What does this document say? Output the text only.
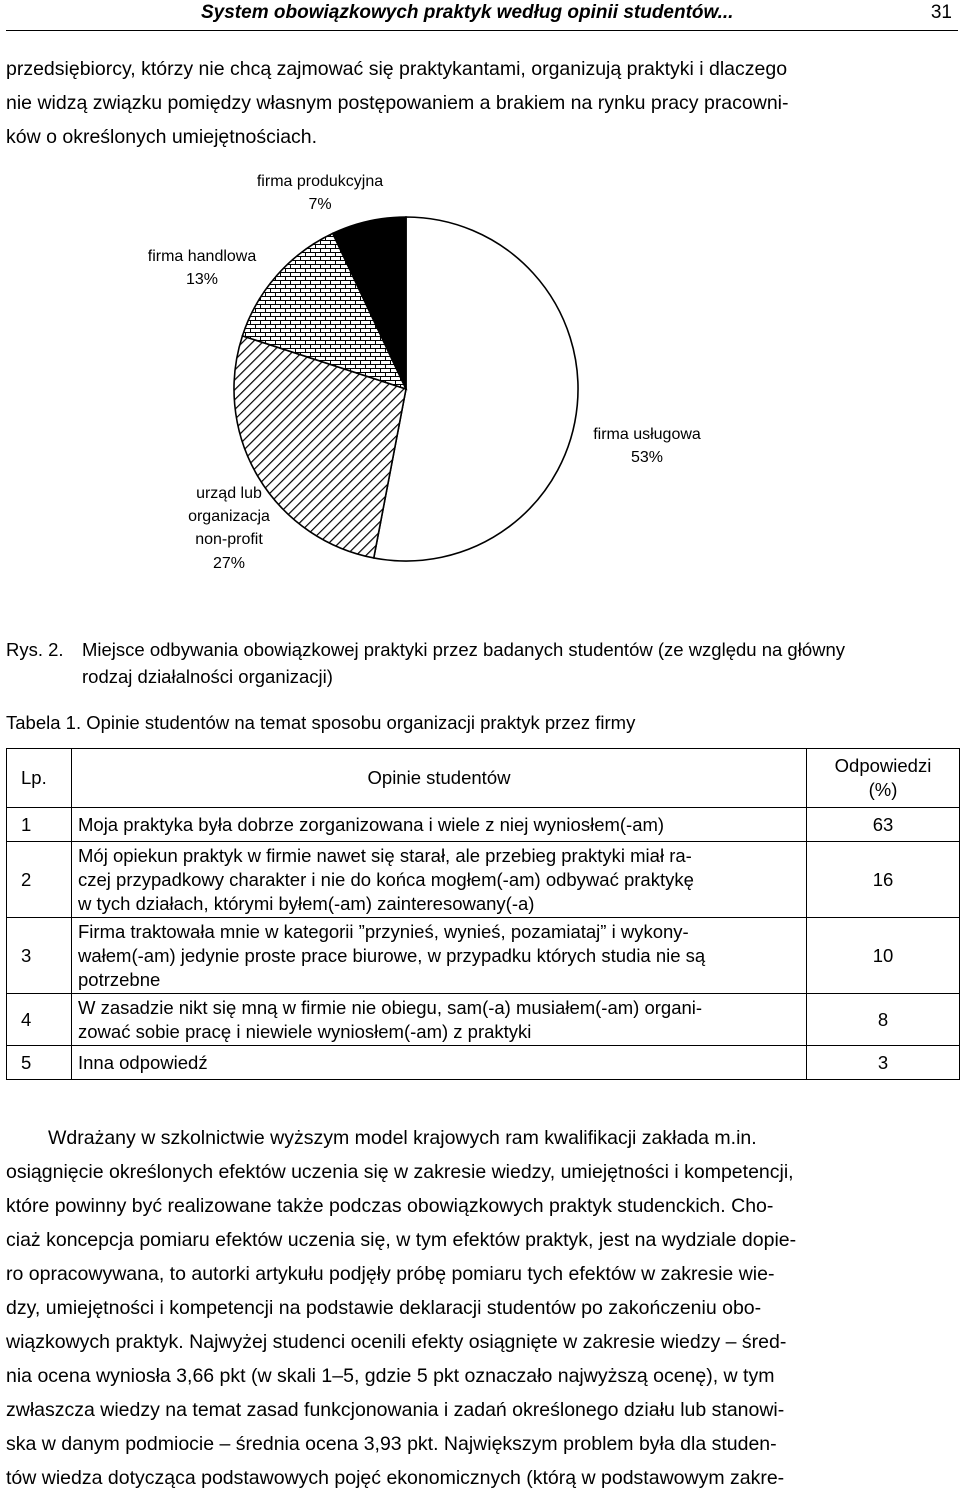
System obowiązkowych praktyk według opinii studentów...	31
przedsiębiorcy, którzy nie chcą zajmować się praktykantami, organizują praktyki i dlaczego
nie widzą związku pomiędzy własnym postępowaniem a brakiem na rynku pracy pracowni-
ków o określonych umiejętnościach.
firma produkcyjna
7%
firma handlowa
13%
firma usługowa
53%
urząd lub
organizacja
non-profit
27%
Rys. 2. Miejsce odbywania obowiązkowej praktyki przez badanych studentów (ze względu na główny
rodzaj działalności organizacji)
Tabela 1. Opinie studentów na temat sposobu organizacji praktyk przez firmy
Lp.	Opinie studentów	Odpowiedzi
(%)

1	Moja praktyka była dobrze zorganizowana i wiele z niej wyniosłem(-am)	63
2	Mój opiekun praktyk w firmie nawet się starał, ale przebieg praktyki miał ra-
czej przypadkowy charakter i nie do końca mogłem(-am) odbywać praktykę
w tych działach, którymi byłem(-am) zainteresowany(-a)	16
3	Firma traktowała mnie w kategorii ”przynieś, wynieś, pozamiataj” i wykony-
wałem(-am) jedynie proste prace biurowe, w przypadku których studia nie są
potrzebne	10
4	W zasadzie nikt się mną w firmie nie obiegu, sam(-a) musiałem(-am) organi-
zować sobie pracę i niewiele wyniosłem(-am) z praktyki	8
5	Inna odpowiedź	3
Wdrażany w szkolnictwie wyższym model krajowych ram kwalifikacji zakłada m.in.
osiągnięcie określonych efektów uczenia się w zakresie wiedzy, umiejętności i kompetencji,
które powinny być realizowane także podczas obowiązkowych praktyk studenckich. Cho-
ciaż koncepcja pomiaru efektów uczenia się, w tym efektów praktyk, jest na wydziale dopie-
ro opracowywana, to autorki artykułu podjęły próbę pomiaru tych efektów w zakresie wie-
dzy, umiejętności i kompetencji na podstawie deklaracji studentów po zakończeniu obo-
wiązkowych praktyk. Najwyżej studenci ocenili efekty osiągnięte w zakresie wiedzy – śred-
nia ocena wyniosła 3,66 pkt (w skali 1–5, gdzie 5 pkt oznaczało najwyższą ocenę), w tym
zwłaszcza wiedzy na temat zasad funkcjonowania i zadań określonego działu lub stanowi-
ska w danym podmiocie – średnia ocena 3,93 pkt. Największym problem była dla studen-
tów wiedza dotycząca podstawowych pojęć ekonomicznych (którą w podstawowym zakre-
